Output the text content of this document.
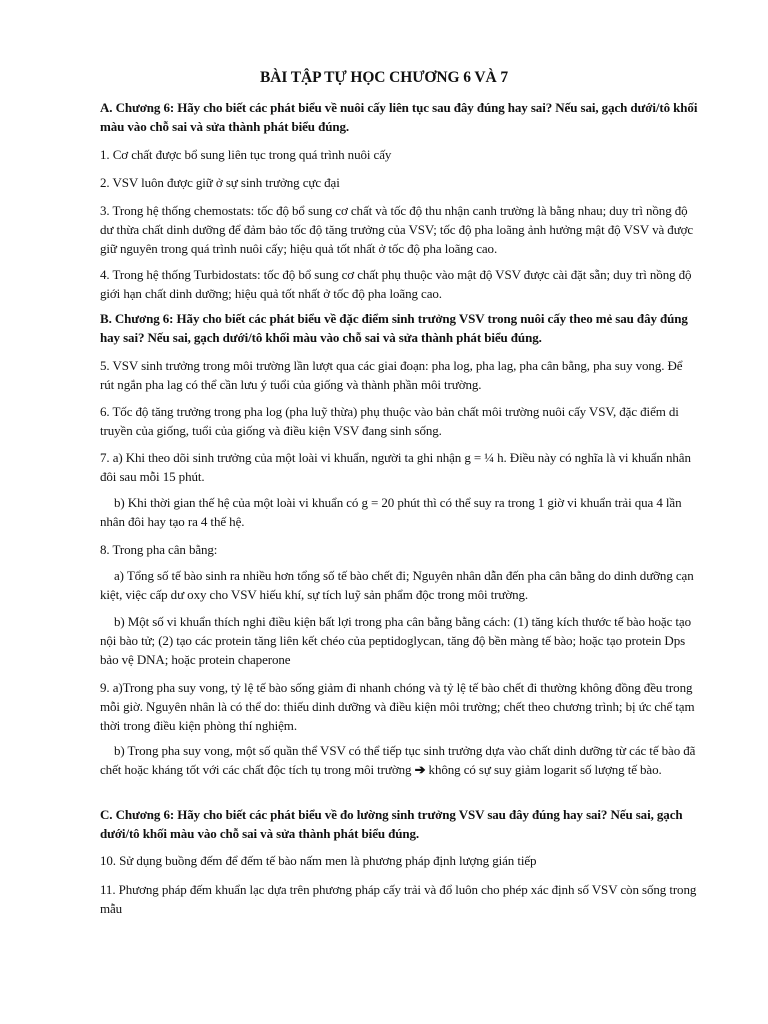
BÀI TẬP TỰ HỌC CHƯƠNG 6 VÀ 7

A. Chương 6: Hãy cho biết các phát biểu về nuôi cấy liên tục sau đây đúng hay sai? Nếu sai, gạch dưới/tô khối màu vào chỗ sai và sửa thành phát biểu đúng.

1. Cơ chất được bổ sung liên tục trong quá trình nuôi cấy

2. VSV luôn được giữ ở sự sinh trưởng cực đại

3. Trong hệ thống chemostats: tốc độ bổ sung cơ chất và tốc độ thu nhận canh trường là bằng nhau; duy trì nồng độ dư thừa chất dinh dưỡng để đảm bảo tốc độ tăng trưởng của VSV; tốc độ pha loãng ảnh hưởng mật độ VSV và được giữ nguyên trong quá trình nuôi cấy; hiệu quả tốt nhất ở tốc độ pha loãng cao.

4. Trong hệ thống Turbidostats: tốc độ bổ sung cơ chất phụ thuộc vào mật độ VSV được cài đặt sẵn; duy trì nồng độ giới hạn chất dinh dưỡng; hiệu quả tốt nhất ở tốc độ pha loãng cao.

B. Chương 6: Hãy cho biết các phát biểu về đặc điểm sinh trưởng VSV trong nuôi cấy theo mẻ sau đây đúng hay sai? Nếu sai, gạch dưới/tô khối màu vào chỗ sai và sửa thành phát biểu đúng.

5. VSV sinh trưởng trong môi trường lần lượt qua các giai đoạn: pha log, pha lag, pha cân bằng, pha suy vong. Để rút ngắn pha lag có thể cần lưu ý tuổi của giống và thành phần môi trường.

6. Tốc độ tăng trưởng trong pha log (pha luỹ thừa) phụ thuộc vào bản chất môi trường nuôi cấy VSV, đặc điểm di truyền của giống, tuổi của giống và điều kiện VSV đang sinh sống.

7. a) Khi theo dõi sinh trưởng của một loài vi khuẩn, người ta ghi nhận g = ¼ h. Điều này có nghĩa là vi khuẩn nhân đôi sau mỗi 15 phút.

b) Khi thời gian thế hệ của một loài vi khuẩn có g = 20 phút thì có thể suy ra trong 1 giờ vi khuẩn trải qua 4 lần nhân đôi hay tạo ra 4 thế hệ.

8. Trong pha cân bằng:

a) Tổng số tế bào sinh ra nhiều hơn tổng số tế bào chết đi; Nguyên nhân dẫn đến pha cân bằng do dinh dưỡng cạn kiệt, việc cấp dư oxy cho VSV hiếu khí, sự tích luỹ sản phẩm độc trong môi trường.

b) Một số vi khuẩn thích nghi điều kiện bất lợi trong pha cân bằng bằng cách: (1) tăng kích thước tế bào hoặc tạo nội bào tử; (2) tạo các protein tăng liên kết chéo của peptidoglycan, tăng độ bền màng tế bào; hoặc tạo protein Dps bảo vệ DNA; hoặc protein chaperone

9. a)Trong pha suy vong, tỷ lệ tế bào sống giảm đi nhanh chóng và tỷ lệ tế bào chết đi thường không đồng đều trong mỗi giờ. Nguyên nhân là có thể do: thiếu dinh dưỡng và điều kiện môi trường; chết theo chương trình; bị ức chế tạm thời trong điều kiện phòng thí nghiệm.

b) Trong pha suy vong, một số quần thể VSV có thể tiếp tục sinh trưởng dựa vào chất dinh dưỡng từ các tế bào đã chết hoặc kháng tốt với các chất độc tích tụ trong môi trường ➔ không có sự suy giảm logarit số lượng tế bào.

C. Chương 6: Hãy cho biết các phát biểu về đo lường sinh trưởng VSV sau đây đúng hay sai? Nếu sai, gạch dưới/tô khối màu vào chỗ sai và sửa thành phát biểu đúng.

10. Sử dụng buồng đếm để đếm tế bào nấm men là phương pháp định lượng gián tiếp

11. Phương pháp đếm khuẩn lạc dựa trên phương pháp cấy trải và đổ luôn cho phép xác định số VSV còn sống trong mẫu
